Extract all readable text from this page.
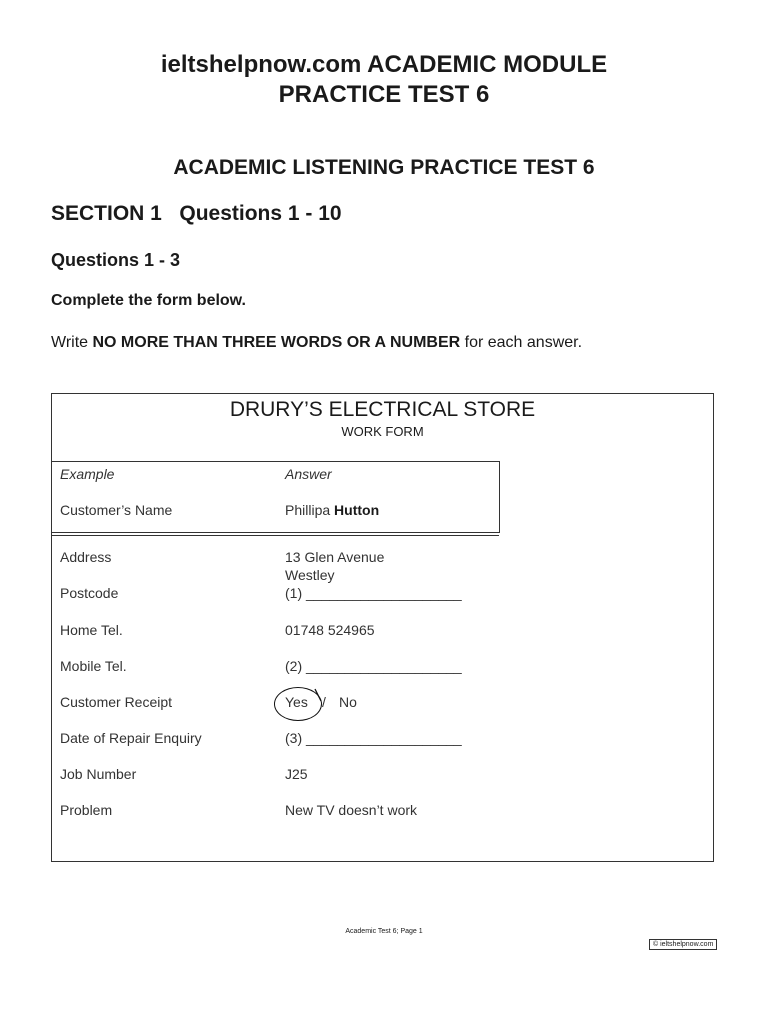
ieltshelpnow.com ACADEMIC MODULE
PRACTICE TEST 6
ACADEMIC LISTENING PRACTICE TEST 6
SECTION 1   Questions 1 - 10
Questions 1 - 3

Complete the form below.

Write NO MORE THAN THREE WORDS OR A NUMBER for each answer.

DRURY’S ELECTRICAL STORE
WORK FORM
Example	Answer
Customer’s Name	Phillipa Hutton
Address	13 Glen Avenue
Westley
Postcode	(1) ____________________
Home Tel.	01748 524965
Mobile Tel.	(2) ____________________
Customer Receipt	Yes / No
Date of Repair Enquiry	(3) ____________________
Job Number	J25
Problem	New TV doesn’t work

Academic Test 6; Page 1

© ieltshelpnow.com
